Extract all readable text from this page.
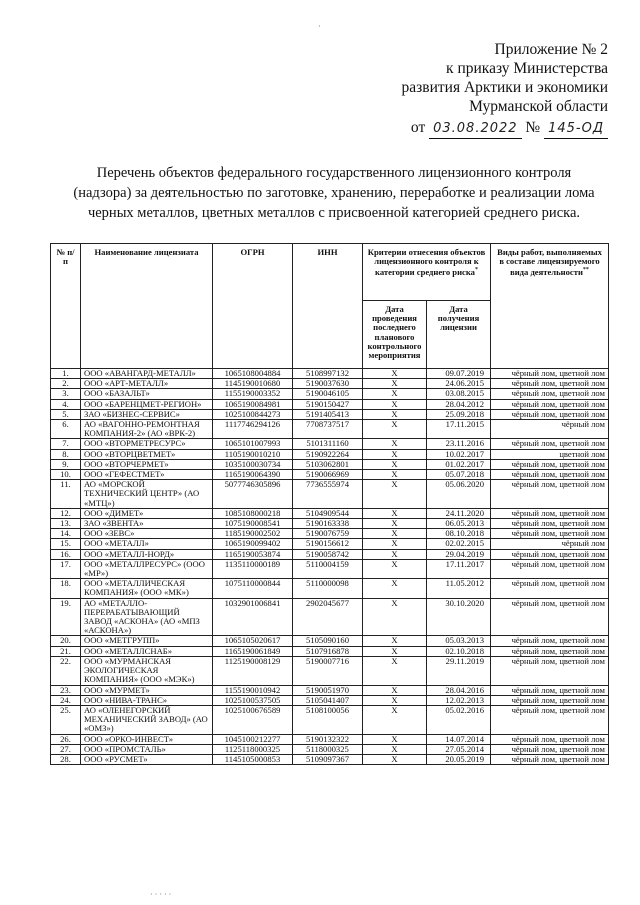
·
Приложение № 2
к приказу Министерства
развития Арктики и экономики
Мурманской области
от 03.08.2022 № 145-ОД
Перечень объектов федерального государственного лицензионного контроля
(надзора) за деятельностью по заготовке, хранению, переработке и реализации лома
черных металлов, цветных металлов с присвоенной категорией среднего риска.
№ п/п	Наименование лицензиата	ОГРН	ИНН	Критерии отнесения объектов лицензионного контроля к категории среднего риска*		Виды работ, выполняемых в составе лицензируемого вида деятельности**
				Дата проведения последнего планового контрольного мероприятия	Дата получения лицензии	
1.	ООО «АВАНГАРД-МЕТАЛЛ»	1065108004884	5108997132	X	09.07.2019	чёрный лом, цветной лом
2.	ООО «АРТ-МЕТАЛЛ»	1145190010680	5190037630	X	24.06.2015	чёрный лом, цветной лом
3.	ООО «БАЗАЛЬТ»	1155190003352	5190046105	X	03.08.2015	чёрный лом, цветной лом
4.	ООО «БАРЕНЦМЕТ-РЕГИОН»	1065190084981	5190150427	X	28.04.2012	чёрный лом, цветной лом
5.	ЗАО «БИЗНЕС-СЕРВИС»	1025100844273	5191405413	X	25.09.2018	чёрный лом, цветной лом
6.	АО «ВАГОННО-РЕМОНТНАЯ КОМПАНИЯ-2» (АО «ВРК-2)	1117746294126	7708737517	X	17.11.2015	чёрный лом
7.	ООО «ВТОРМЕТРЕСУРС»	1065101007993	5101311160	X	23.11.2016	чёрный лом, цветной лом
8.	ООО «ВТОРЦВЕТМЕТ»	1105190010210	5190922264	X	10.02.2017	цветной лом
9.	ООО «ВТОРЧЕРМЕТ»	1035100030734	5103062801	X	01.02.2017	чёрный лом, цветной лом
10.	ООО «ГЕФЕСТМЕТ»	1165190064390	5190066969	X	05.07.2018	чёрный лом, цветной лом
11.	АО «МОРСКОЙ ТЕХНИЧЕСКИЙ ЦЕНТР» (АО «МТЦ»)	5077746305896	7736555974	X	05.06.2020	чёрный лом, цветной лом
12.	ООО «ДИМЕТ»	1085108000218	5104909544	X	24.11.2020	чёрный лом, цветной лом
13.	ЗАО «ЗВЕНТА»	1075190008541	5190163338	X	06.05.2013	чёрный лом, цветной лом
14.	ООО «ЗЕВС»	1185190002502	5190076759	X	08.10.2018	чёрный лом, цветной лом
15.	ООО «МЕТАЛЛ»	1065190099402	5190156612	X	02.02.2015	чёрный лом
16.	ООО «МЕТАЛЛ-НОРД»	1165190053874	5190058742	X	29.04.2019	чёрный лом, цветной лом
17.	ООО «МЕТАЛЛРЕСУРС» (ООО «МР»)	1135110000189	5110004159	X	17.11.2017	чёрный лом, цветной лом
18.	ООО «МЕТАЛЛИЧЕСКАЯ КОМПАНИЯ» (ООО «МК»)	1075110000844	5110000098	X	11.05.2012	чёрный лом, цветной лом
19.	АО «МЕТАЛЛО-ПЕРЕРАБАТЫВАЮЩИЙ ЗАВОД «АСКОНА» (АО «МПЗ «АСКОНА»)	1032901006841	2902045677	X	30.10.2020	чёрный лом, цветной лом
20.	ООО «МЕТГРУПП»	1065105020617	5105090160	X	05.03.2013	чёрный лом, цветной лом
21.	ООО «МЕТАЛЛСНАБ»	1165190061849	5107916878	X	02.10.2018	чёрный лом, цветной лом
22.	ООО «МУРМАНСКАЯ ЭКОЛОГИЧЕСКАЯ КОМПАНИЯ» (ООО «МЭК»)	1125190008129	5190007716	X	29.11.2019	чёрный лом, цветной лом
23.	ООО «МУРМЕТ»	1155190010942	5190051970	X	28.04.2016	чёрный лом, цветной лом
24.	ООО «НИВА-ТРАНС»	1025100537505	5105041407	X	12.02.2013	чёрный лом, цветной лом
25.	АО «ОЛЕНЕГОРСКИЙ МЕХАНИЧЕСКИЙ ЗАВОД» (АО «ОМЗ»)	1025100676589	5108100056	X	05.02.2016	чёрный лом, цветной лом
26.	ООО «ОРКО-ИНВЕСТ»	1045100212277	5190132322	X	14.07.2014	чёрный лом, цветной лом
27.	ООО «ПРОМСТАЛЬ»	1125118000325	5118000325	X	27.05.2014	чёрный лом, цветной лом
28.	ООО «РУСМЕТ»	1145105000853	5109097367	X	20.05.2019	чёрный лом, цветной лом
·····
